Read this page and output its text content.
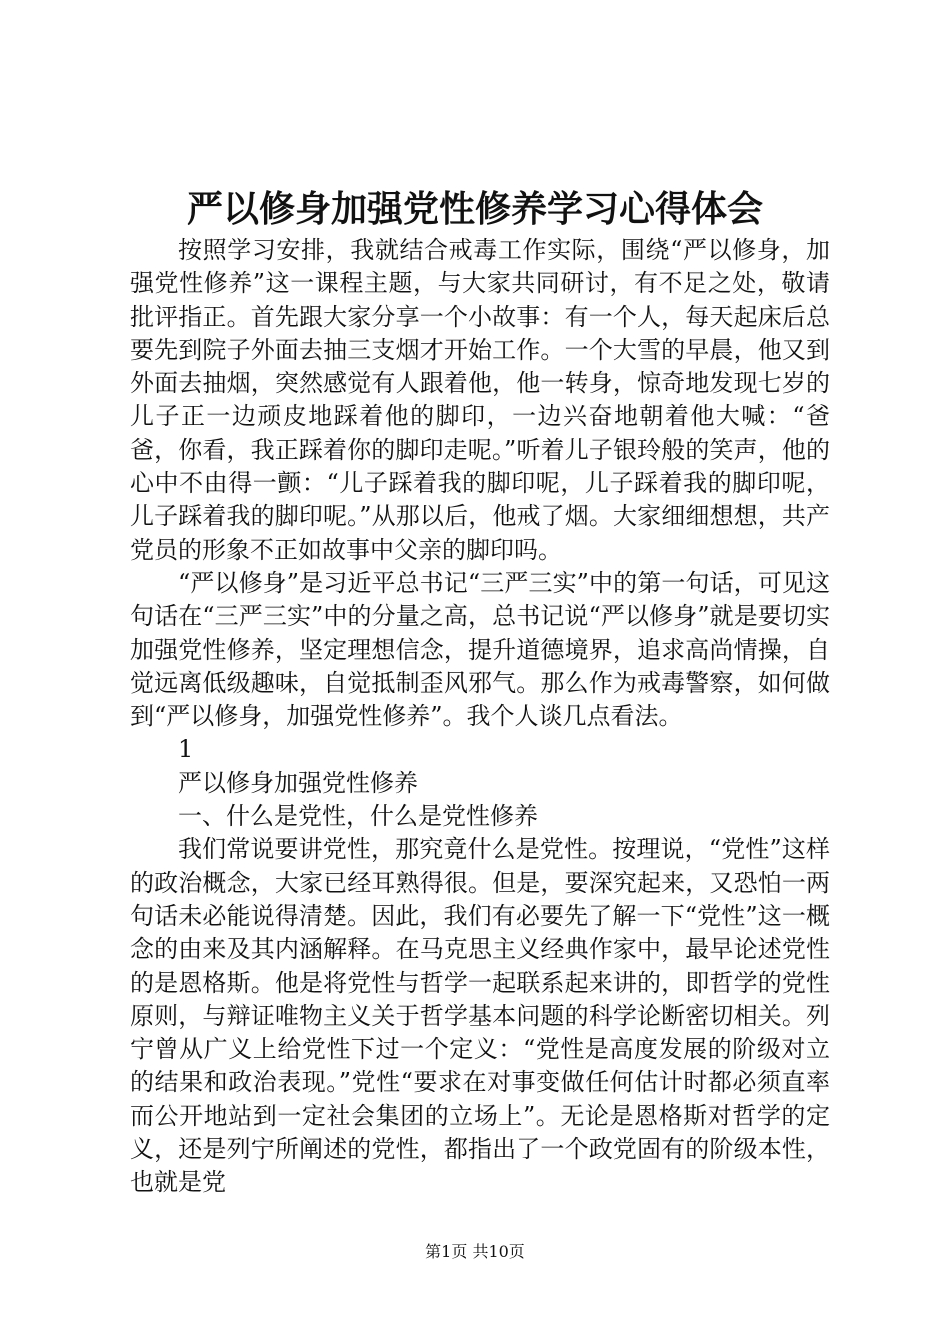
严以修身加强党性修养学习心得体会

按照学习安排，我就结合戒毒工作实际，围绕“严以修身，加强党性修养”这一课程主题，与大家共同研讨，有不足之处，敬请批评指正。首先跟大家分享一个小故事：有一个人，每天起床后总要先到院子外面去抽三支烟才开始工作。一个大雪的早晨，他又到外面去抽烟，突然感觉有人跟着他，他一转身，惊奇地发现七岁的儿子正一边顽皮地踩着他的脚印，一边兴奋地朝着他大喊：“爸爸，你看，我正踩着你的脚印走呢。”听着儿子银玲般的笑声，他的心中不由得一颤：“儿子踩着我的脚印呢，儿子踩着我的脚印呢，儿子踩着我的脚印呢。”从那以后，他戒了烟。大家细细想想，共产党员的形象不正如故事中父亲的脚印吗。

“严以修身”是习近平总书记“三严三实”中的第一句话，可见这句话在“三严三实”中的分量之高，总书记说“严以修身”就是要切实加强党性修养，坚定理想信念，提升道德境界，追求高尚情操，自觉远离低级趣味，自觉抵制歪风邪气。那么作为戒毒警察，如何做到“严以修身，加强党性修养”。我个人谈几点看法。

1

严以修身加强党性修养

一、什么是党性，什么是党性修养

我们常说要讲党性，那究竟什么是党性。按理说，“党性”这样的政治概念，大家已经耳熟得很。但是，要深究起来，又恐怕一两句话未必能说得清楚。因此，我们有必要先了解一下“党性”这一概念的由来及其内涵解释。在马克思主义经典作家中，最早论述党性的是恩格斯。他是将党性与哲学一起联系起来讲的，即哲学的党性原则，与辩证唯物主义关于哲学基本问题的科学论断密切相关。列宁曾从广义上给党性下过一个定义：“党性是高度发展的阶级对立的结果和政治表现。”党性“要求在对事变做任何估计时都必须直率而公开地站到一定社会集团的立场上”。无论是恩格斯对哲学的定义，还是列宁所阐述的党性，都指出了一个政党固有的阶级本性，也就是党

第1页 共10页
